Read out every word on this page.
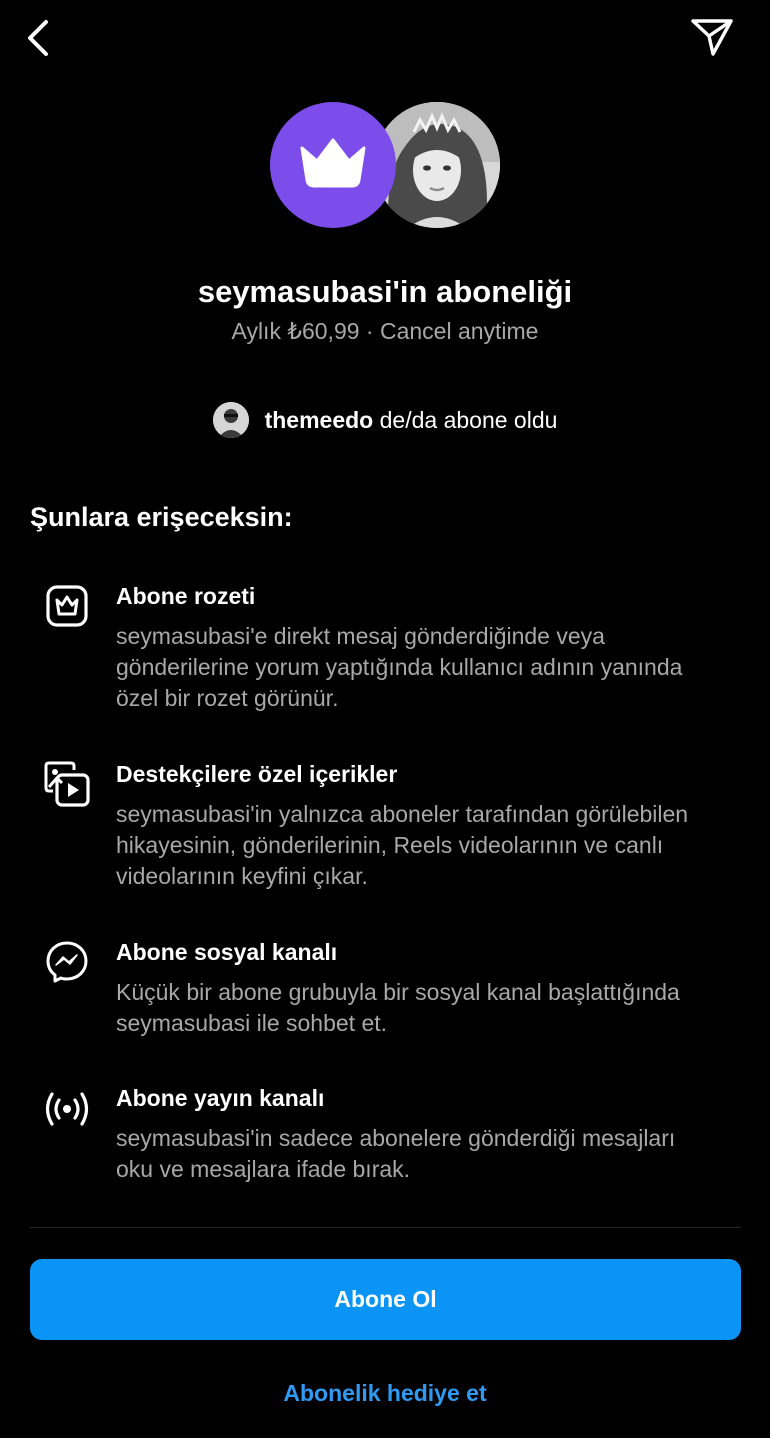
seymasubasi'in aboneliği
Aylık ₺60,99 · Cancel anytime
themeedo de/da abone oldu
Şunlara erişeceksin:
Abone rozeti
seymasubasi'e direkt mesaj gönderdiğinde veya gönderilerine yorum yaptığında kullanıcı adının yanında özel bir rozet görünür.
Destekçilere özel içerikler
seymasubasi'in yalnızca aboneler tarafından görülebilen hikayesinin, gönderilerinin, Reels videolarının ve canlı videolarının keyfini çıkar.
Abone sosyal kanalı
Küçük bir abone grubuyla bir sosyal kanal başlattığında seymasubasi ile sohbet et.
Abone yayın kanalı
seymasubasi'in sadece abonelere gönderdiği mesajları oku ve mesajlara ifade bırak.
Abone Ol
Abonelik hediye et
